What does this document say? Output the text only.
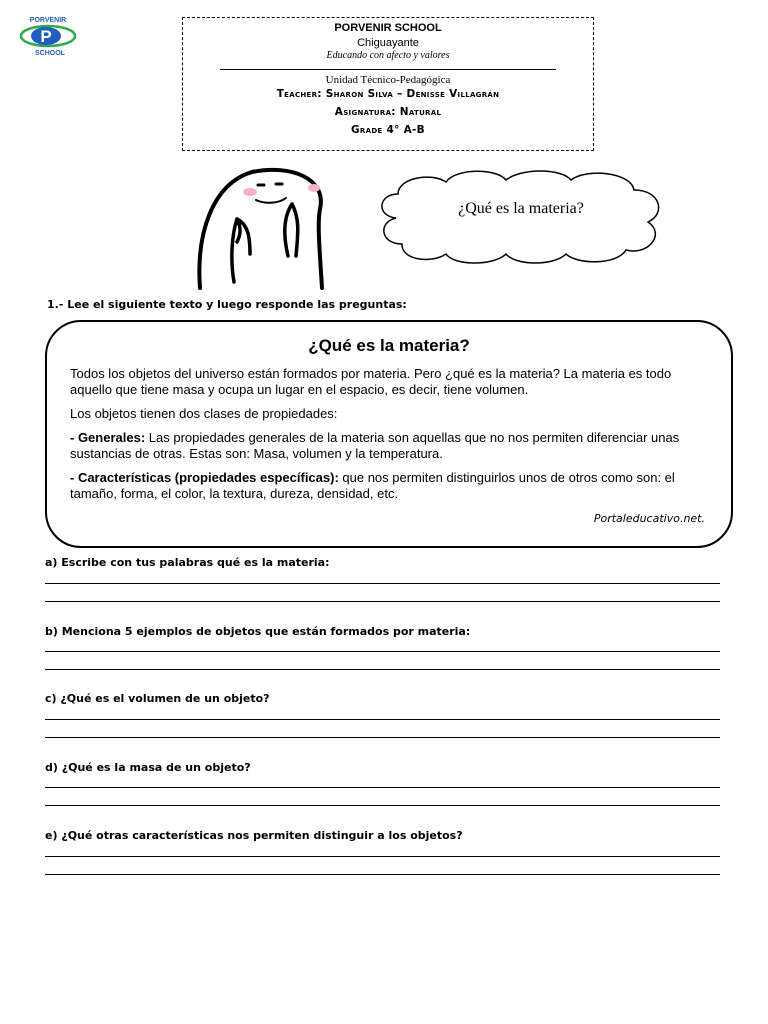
PORVENIR
P
SCHOOL
PORVENIR SCHOOL
Chiguayante
Educando con afecto y valores
Unidad Técnico-Pedagógica
Teacher: Sharon Silva – Denisse Villagrán
Asignatura: Natural
Grade 4° A-B
¿Qué es la materia?
1.- Lee el siguiente texto y luego responde las preguntas:
¿Qué es la materia?

Todos los objetos del universo están formados por materia. Pero ¿qué es la materia? La materia es todo aquello que tiene masa y ocupa un lugar en el espacio, es decir, tiene volumen.

Los objetos tienen dos clases de propiedades:

- Generales: Las propiedades generales de la materia son aquellas que no nos permiten diferenciar unas sustancias de otras. Estas son: Masa, volumen y la temperatura.

- Características (propiedades específicas): que nos permiten distinguirlos unos de otros como son: el tamaño, forma, el color, la textura, dureza, densidad, etc.

Portaleducativo.net.
a) Escribe con tus palabras qué es la materia:
b) Menciona 5 ejemplos de objetos que están formados por materia:
c) ¿Qué es el volumen de un objeto?
d) ¿Qué es la masa de un objeto?
e) ¿Qué otras características nos permiten distinguir a los objetos?
